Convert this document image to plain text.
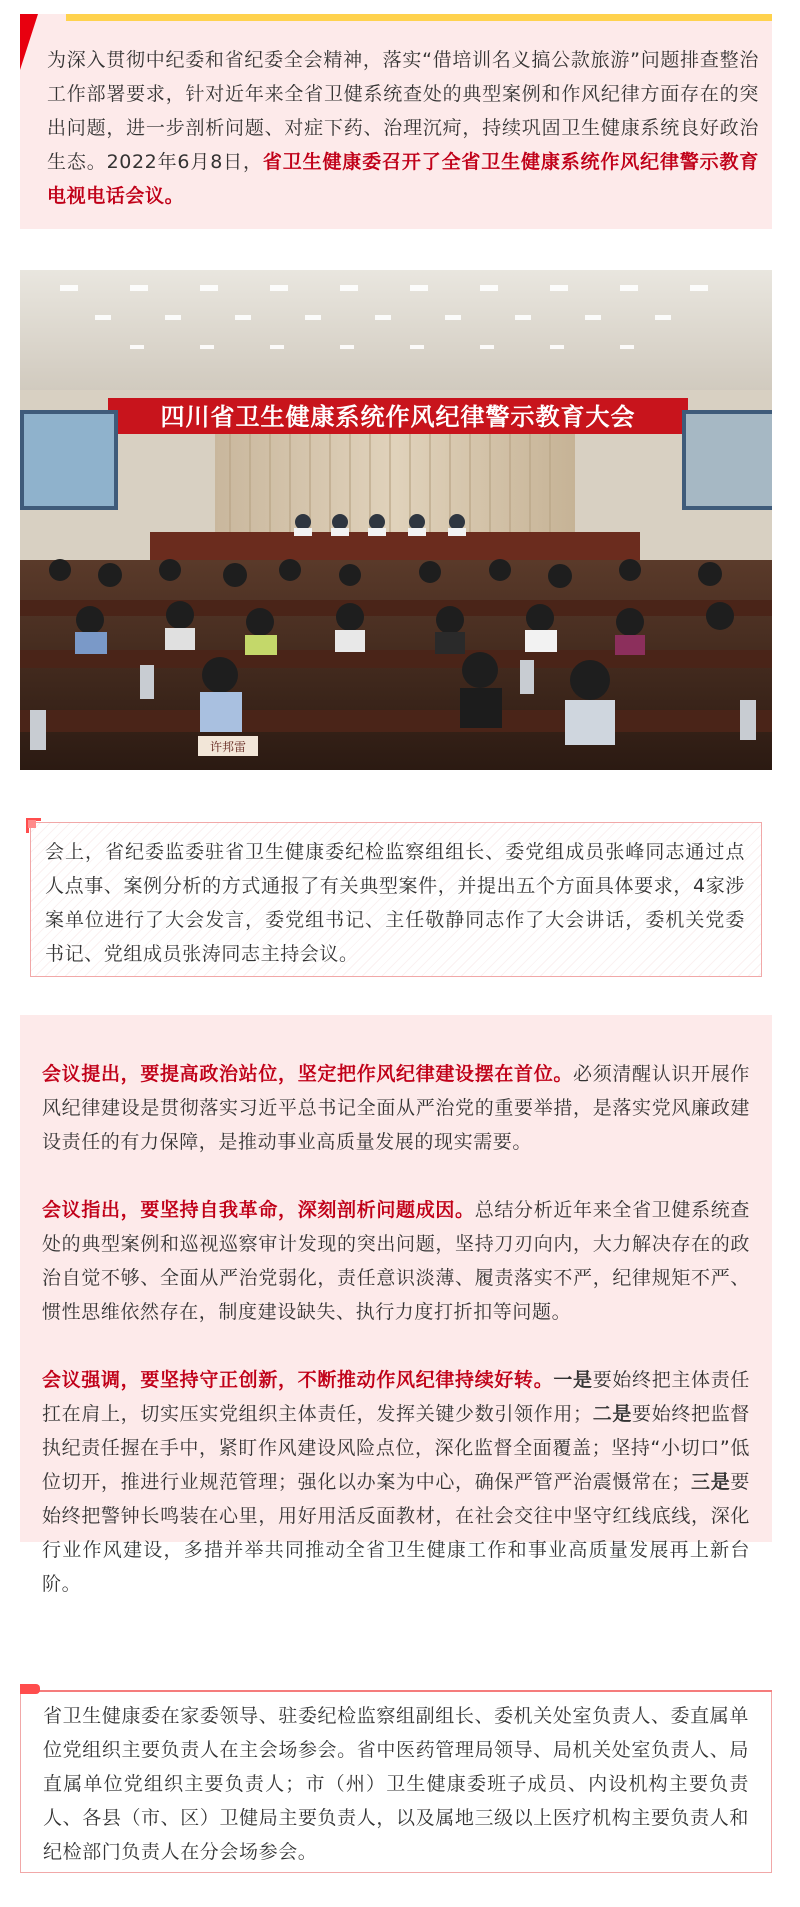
为深入贯彻中纪委和省纪委全会精神，落实“借培训名义搞公款旅游”问题排查整治工作部署要求，针对近年来全省卫健系统查处的典型案例和作风纪律方面存在的突出问题，进一步剖析问题、对症下药、治理沉疴，持续巩固卫生健康系统良好政治生态。2022年6月8日，省卫生健康委召开了全省卫生健康系统作风纪律警示教育电视电话会议。

四川省卫生健康系统作风纪律警示教育大会
许邦雷

会上，省纪委监委驻省卫生健康委纪检监察组组长、委党组成员张峰同志通过点人点事、案例分析的方式通报了有关典型案件，并提出五个方面具体要求，4家涉案单位进行了大会发言，委党组书记、主任敬静同志作了大会讲话，委机关党委书记、党组成员张涛同志主持会议。

会议提出，要提高政治站位，坚定把作风纪律建设摆在首位。必须清醒认识开展作风纪律建设是贯彻落实习近平总书记全面从严治党的重要举措，是落实党风廉政建设责任的有力保障，是推动事业高质量发展的现实需要。

会议指出，要坚持自我革命，深刻剖析问题成因。总结分析近年来全省卫健系统查处的典型案例和巡视巡察审计发现的突出问题，坚持刀刃向内，大力解决存在的政治自觉不够、全面从严治党弱化，责任意识淡薄、履责落实不严，纪律规矩不严、惯性思维依然存在，制度建设缺失、执行力度打折扣等问题。

会议强调，要坚持守正创新，不断推动作风纪律持续好转。一是要始终把主体责任扛在肩上，切实压实党组织主体责任，发挥关键少数引领作用；二是要始终把监督执纪责任握在手中，紧盯作风建设风险点位，深化监督全面覆盖；坚持“小切口”低位切开，推进行业规范管理；强化以办案为中心，确保严管严治震慑常在；三是要始终把警钟长鸣装在心里，用好用活反面教材，在社会交往中坚守红线底线，深化行业作风建设，多措并举共同推动全省卫生健康工作和事业高质量发展再上新台阶。

省卫生健康委在家委领导、驻委纪检监察组副组长、委机关处室负责人、委直属单位党组织主要负责人在主会场参会。省中医药管理局领导、局机关处室负责人、局直属单位党组织主要负责人；市（州）卫生健康委班子成员、内设机构主要负责人、各县（市、区）卫健局主要负责人，以及属地三级以上医疗机构主要负责人和纪检部门负责人在分会场参会。
